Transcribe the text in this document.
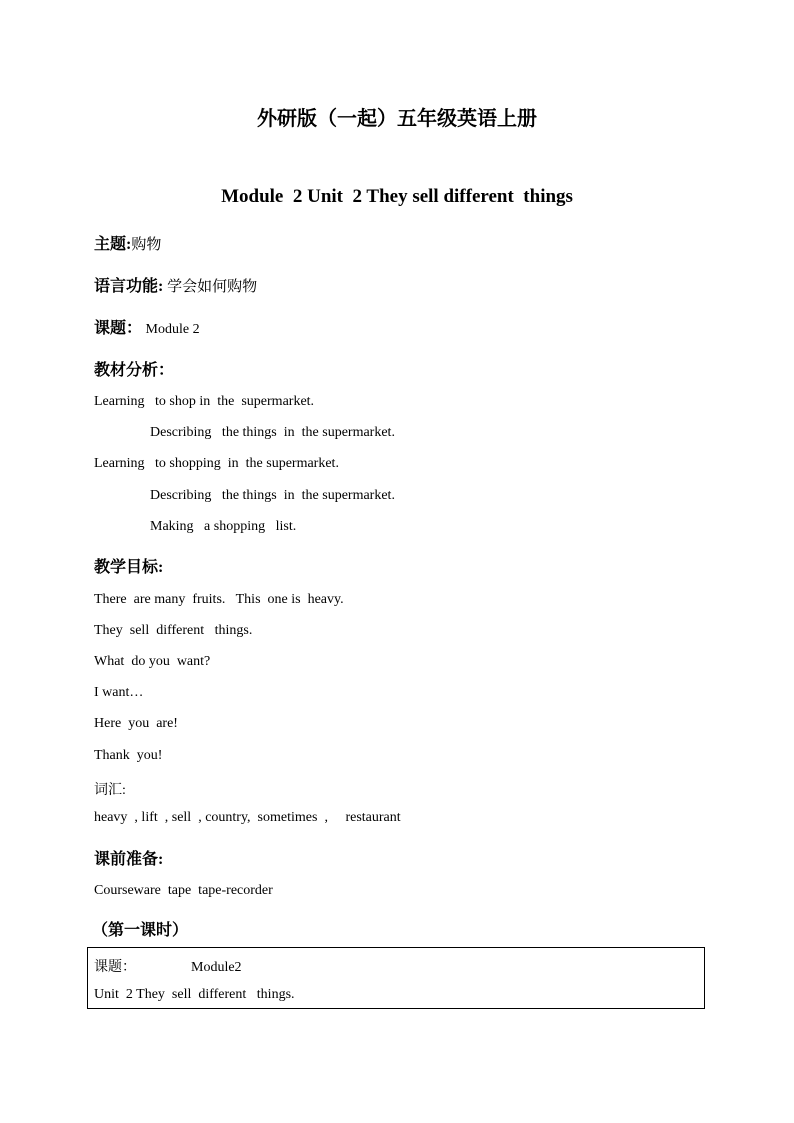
外研版（一起）五年级英语上册
Module  2 Unit  2 They sell different  things
主题:购物
语言功能: 学会如何购物
课题： Module 2
教材分析：
Learning   to shop in  the  supermarket.
Describing   the things  in  the supermarket.
Learning   to shopping  in  the supermarket.
Describing   the things  in  the supermarket.
Making   a shopping   list.
教学目标:
There  are many  fruits.   This  one is  heavy.
They  sell  different   things.
What  do you  want?
I want…
Here  you  are!
Thank  you!
词汇:
heavy  , lift  , sell  , country,  sometimes  ,     restaurant
课前准备:
Courseware  tape  tape-recorder
（第一课时）
课题：	Module2
Unit  2 They  sell  different   things.
